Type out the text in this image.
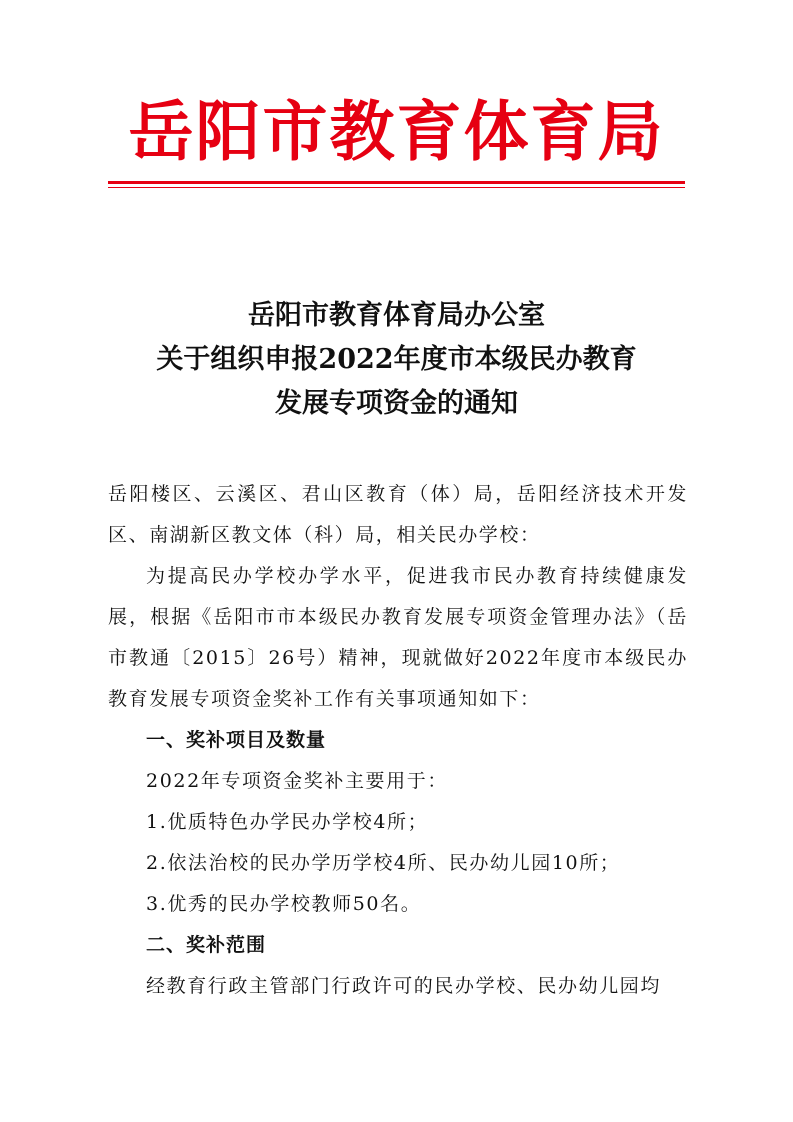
岳阳市教育体育局
岳阳市教育体育局办公室
关于组织申报2022年度市本级民办教育
发展专项资金的通知

岳阳楼区、云溪区、君山区教育（体）局，岳阳经济技术开发区、南湖新区教文体（科）局，相关民办学校：

为提高民办学校办学水平，促进我市民办教育持续健康发展，根据《岳阳市市本级民办教育发展专项资金管理办法》（岳市教通〔2015〕26号）精神，现就做好2022年度市本级民办教育发展专项资金奖补工作有关事项通知如下：

一、奖补项目及数量

2022年专项资金奖补主要用于：

1.优质特色办学民办学校4所；

2.依法治校的民办学历学校4所、民办幼儿园10所；

3.优秀的民办学校教师50名。

二、奖补范围

经教育行政主管部门行政许可的民办学校、民办幼儿园均
